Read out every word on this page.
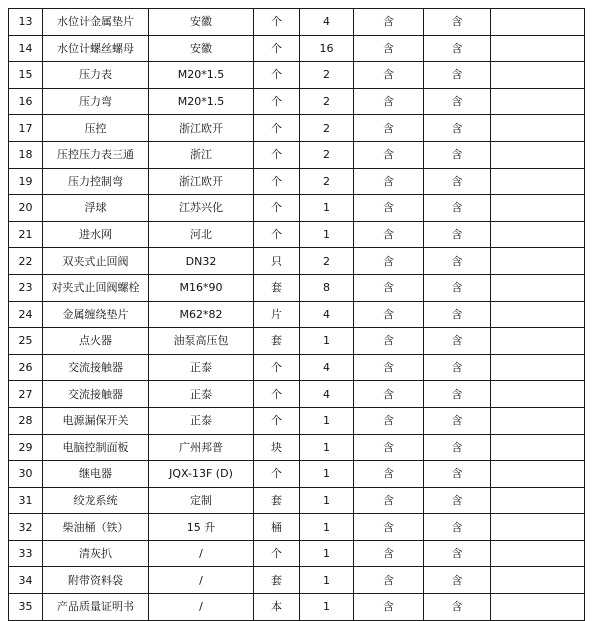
13	水位计金属垫片	安徽	个	4	含	含	
14	水位计螺丝螺母	安徽	个	16	含	含	
15	压力表	M20*1.5	个	2	含	含	
16	压力弯	M20*1.5	个	2	含	含	
17	压控	浙江欧开	个	2	含	含	
18	压控压力表三通	浙江	个	2	含	含	
19	压力控制弯	浙江欧开	个	2	含	含	
20	浮球	江苏兴化	个	1	含	含	
21	进水网	河北	个	1	含	含	
22	双夹式止回阀	DN32	只	2	含	含	
23	对夹式止回阀螺栓	M16*90	套	8	含	含	
24	金属缠绕垫片	M62*82	片	4	含	含	
25	点火器	油泵高压包	套	1	含	含	
26	交流接触器	正泰	个	4	含	含	
27	交流接触器	正泰	个	4	含	含	
28	电源漏保开关	正泰	个	1	含	含	
29	电脑控制面板	广州邦普	块	1	含	含	
30	继电器	JQX-13F (D)	个	1	含	含	
31	绞龙系统	定制	套	1	含	含	
32	柴油桶（铁）	15 升	桶	1	含	含	
33	清灰扒	/	个	1	含	含	
34	附带资料袋	/	套	1	含	含	
35	产品质量证明书	/	本	1	含	含	
